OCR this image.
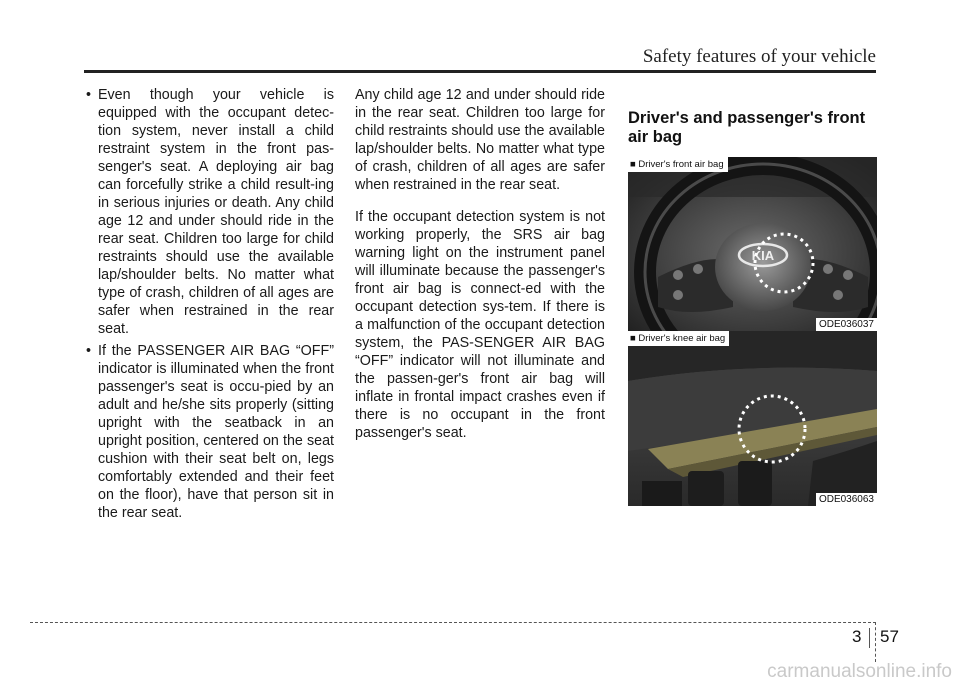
Safety features of your vehicle

• Even though your vehicle is equipped with the occupant detec-tion system, never install a child restraint system in the front pas-senger's seat. A deploying air bag can forcefully strike a child result-ing in serious injuries or death. Any child age 12 and under should ride in the rear seat. Children too large for child restraints should use the available lap/shoulder belts. No matter what type of crash, children of all ages are safer when restrained in the rear seat.

• If the PASSENGER AIR BAG “OFF” indicator is illuminated when the front passenger's seat is occu-pied by an adult and he/she sits properly (sitting upright with the seatback in an upright position, centered on the seat cushion with their seat belt on, legs comfortably extended and their feet on the floor), have that person sit in the rear seat.

Any child age 12 and under should ride in the rear seat. Children too large for child restraints should use the available lap/shoulder belts. No matter what type of crash, children of all ages are safer when restrained in the rear seat.

If the occupant detection system is not working properly, the SRS air bag warning light on the instrument panel will illuminate because the passenger's front air bag is connect-ed with the occupant detection sys-tem. If there is a malfunction of the occupant detection system, the PAS-SENGER AIR BAG “OFF” indicator will not illuminate and the passen-ger's front air bag will inflate in frontal impact crashes even if there is no occupant in the front passenger's seat.

Driver's and passenger's front air bag
KIA
■ Driver's front air bag
ODE036037
■ Driver's knee air bag
ODE036063
3 57
carmanualsonline.info
